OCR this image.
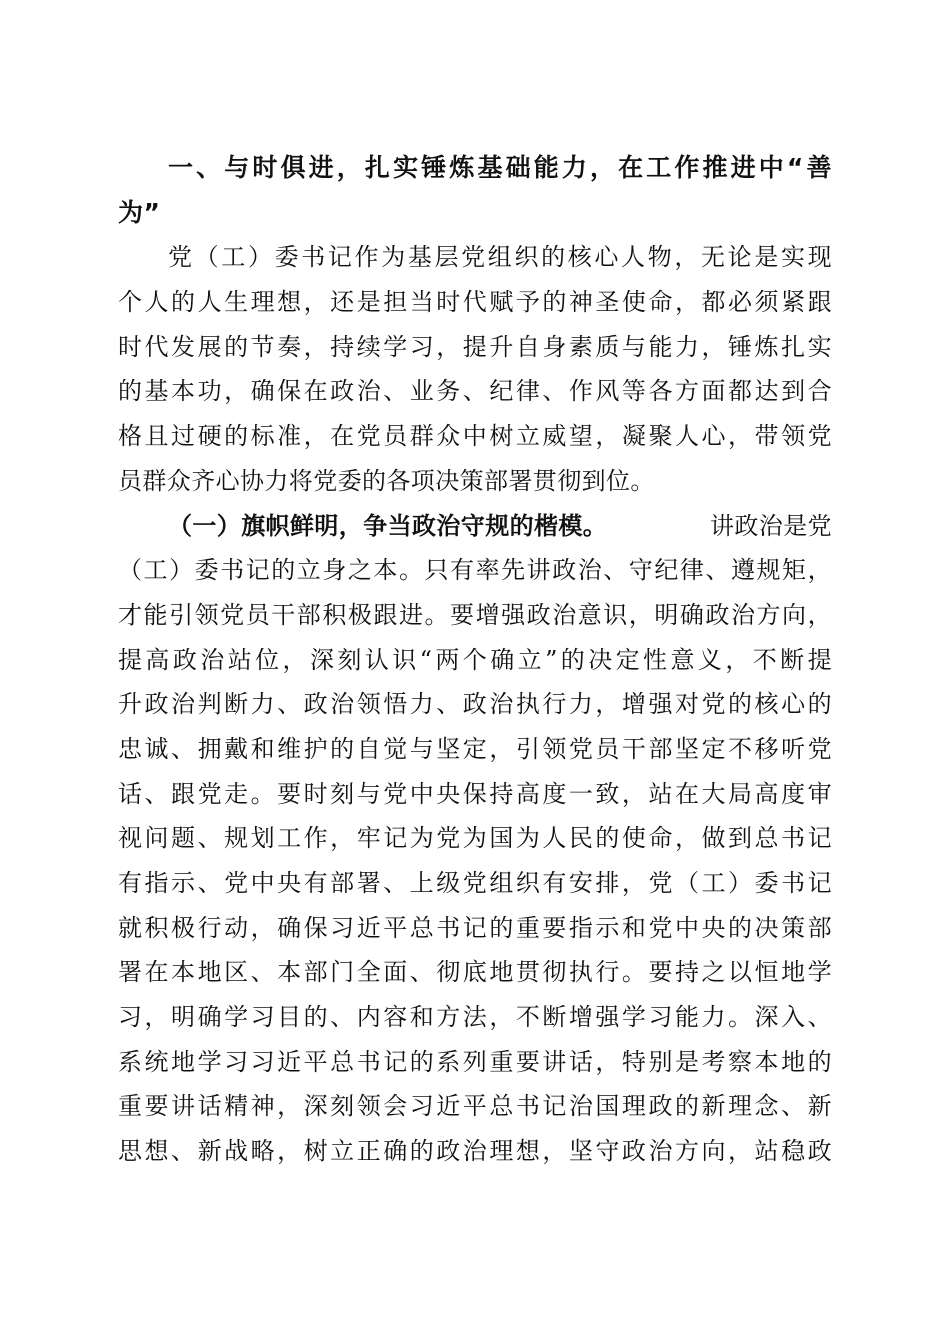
一、与时俱进，扎实锤炼基础能力，在工作推进中“善
为”
党（工）委书记作为基层党组织的核心人物，无论是实现
个人的人生理想，还是担当时代赋予的神圣使命，都必须紧跟
时代发展的节奏，持续学习，提升自身素质与能力，锤炼扎实
的基本功，确保在政治、业务、纪律、作风等各方面都达到合
格且过硬的标准，在党员群众中树立威望，凝聚人心，带领党
员群众齐心协力将党委的各项决策部署贯彻到位。
（一）旗帜鲜明，争当政治守规的楷模。	讲政治是党
（工）委书记的立身之本。只有率先讲政治、守纪律、遵规矩，
才能引领党员干部积极跟进。要增强政治意识，明确政治方向，
提高政治站位，深刻认识“两个确立”的决定性意义，不断提
升政治判断力、政治领悟力、政治执行力，增强对党的核心的
忠诚、拥戴和维护的自觉与坚定，引领党员干部坚定不移听党
话、跟党走。要时刻与党中央保持高度一致，站在大局高度审
视问题、规划工作，牢记为党为国为人民的使命，做到总书记
有指示、党中央有部署、上级党组织有安排，党（工）委书记
就积极行动，确保习近平总书记的重要指示和党中央的决策部
署在本地区、本部门全面、彻底地贯彻执行。要持之以恒地学
习，明确学习目的、内容和方法，不断增强学习能力。深入、
系统地学习习近平总书记的系列重要讲话，特别是考察本地的
重要讲话精神，深刻领会习近平总书记治国理政的新理念、新
思想、新战略，树立正确的政治理想，坚守政治方向，站稳政
